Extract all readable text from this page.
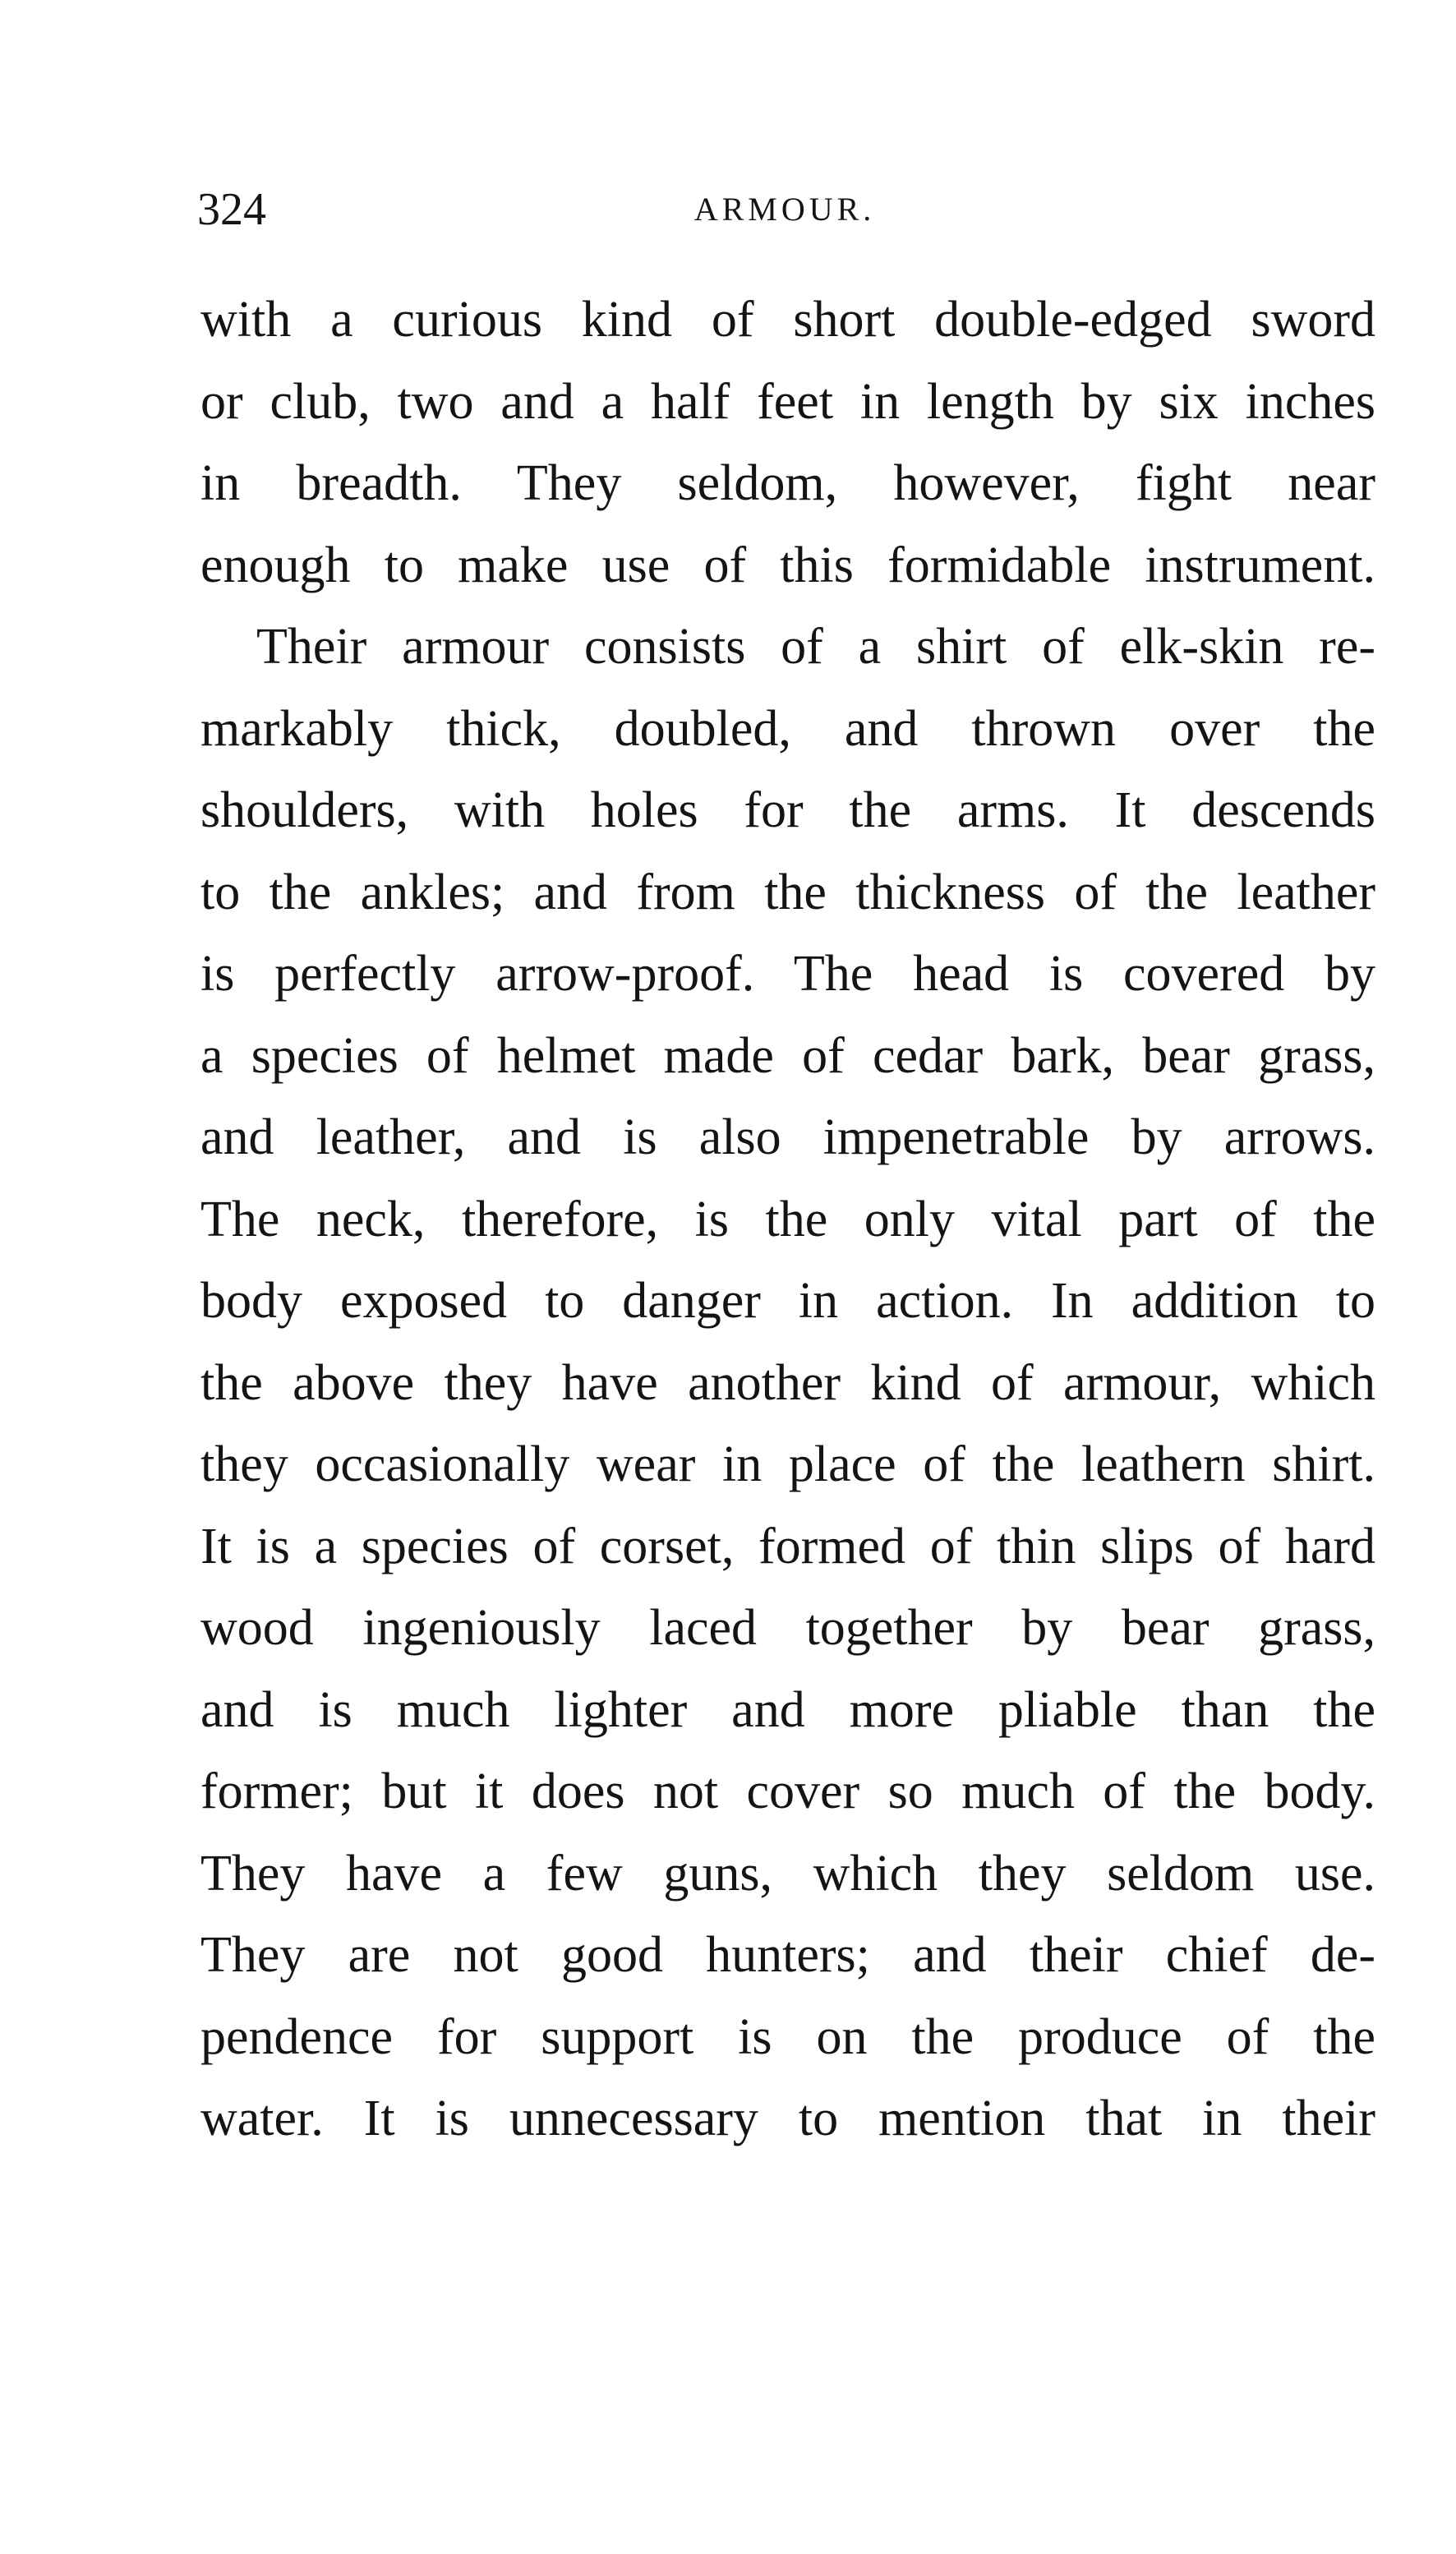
324	ARMOUR.
with a curious kind of short double-edged sword
or club, two and a half feet in length by six inches
in breadth. They seldom, however, fight near
enough to make use of this formidable instrument.
Their armour consists of a shirt of elk-skin re-
markably thick, doubled, and thrown over the
shoulders, with holes for the arms. It descends
to the ankles; and from the thickness of the leather
is perfectly arrow-proof. The head is covered by
a species of helmet made of cedar bark, bear grass,
and leather, and is also impenetrable by arrows.
The neck, therefore, is the only vital part of the
body exposed to danger in action. In addition to
the above they have another kind of armour, which
they occasionally wear in place of the leathern shirt.
It is a species of corset, formed of thin slips of hard
wood ingeniously laced together by bear grass,
and is much lighter and more pliable than the
former; but it does not cover so much of the body.
They have a few guns, which they seldom use.
They are not good hunters; and their chief de-
pendence for support is on the produce of the
water. It is unnecessary to mention that in their
